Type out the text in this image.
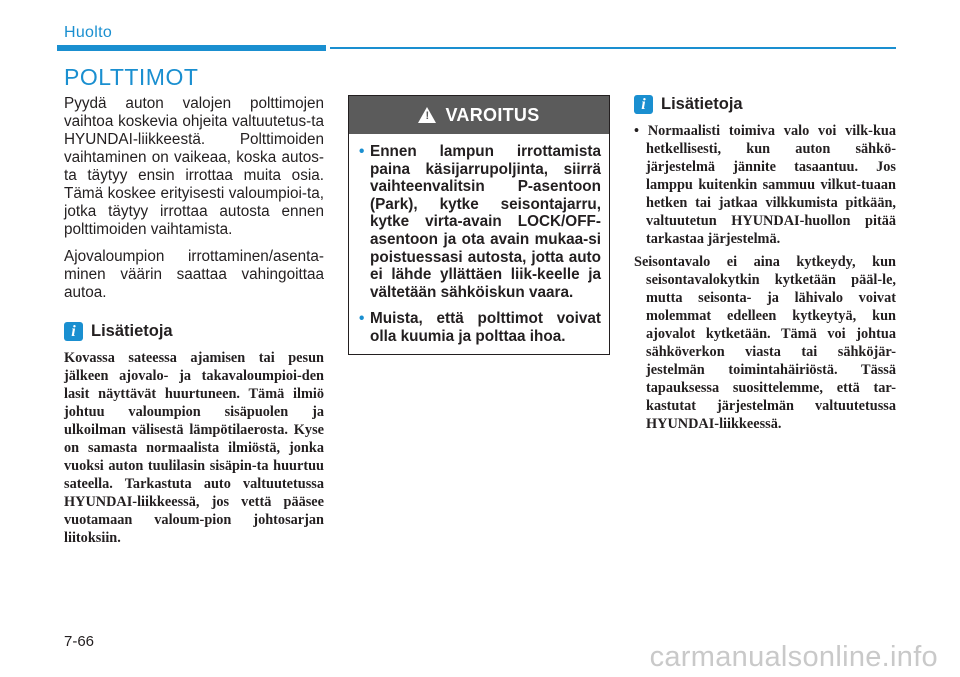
Huolto
POLTTIMOT

Pyydä auton valojen polttimojen vaihtoa koskevia ohjeita valtuutetus-ta HYUNDAI-liikkeestä. Polttimoiden vaihtaminen on vaikeaa, koska autos-ta täytyy ensin irrottaa muita osia. Tämä koskee erityisesti valoumpioi-ta, jotka täytyy irrottaa autosta ennen polttimoiden vaihtamista.

Ajovaloumpion irrottaminen/asenta-minen väärin saattaa vahingoittaa autoa.

i Lisätietoja

Kovassa sateessa ajamisen tai pesun jälkeen ajovalo- ja takavaloumpioi-den lasit näyttävät huurtuneen. Tämä ilmiö johtuu valoumpion sisäpuolen ja ulkoilman välisestä lämpötilaerosta. Kyse on samasta normaalista ilmiöstä, jonka vuoksi auton tuulilasin sisäpin-ta huurtuu sateella. Tarkastuta auto valtuutetussa HYUNDAI-liikkeessä, jos vettä pääsee vuotamaan valoum-pion johtosarjan liitoksiin.

! VAROITUS
• Ennen lampun irrottamista paina käsijarrupoljinta, siirrä vaihteenvalitsin P-asentoon (Park), kytke seisontajarru, kytke virta-avain LOCK/OFF-asentoon ja ota avain mukaa-si poistuessasi autosta, jotta auto ei lähde yllättäen liik-keelle ja vältetään sähköiskun vaara.
• Muista, että polttimot voivat olla kuumia ja polttaa ihoa.
i Lisätietoja
• Normaalisti toimiva valo voi vilk-kua hetkellisesti, kun auton sähkö-järjestelmä jännite tasaantuu. Jos lamppu kuitenkin sammuu vilkut-tuaan hetken tai jatkaa vilkkumista pitkään, valtuutetun HYUNDAI-huollon pitää tarkastaa järjestelmä.
Seisontavalo ei aina kytkeydy, kun seisontavalokytkin kytketään pääl-le, mutta seisonta- ja lähivalo voivat molemmat edelleen kytkeytyä, kun ajovalot kytketään. Tämä voi johtua sähköverkon viasta tai sähköjär-jestelmän toimintahäiriöstä. Tässä tapauksessa suosittelemme, että tar-kastutat järjestelmän valtuutetussa HYUNDAI-liikkeessä.
7-66	carmanualsonline.info
